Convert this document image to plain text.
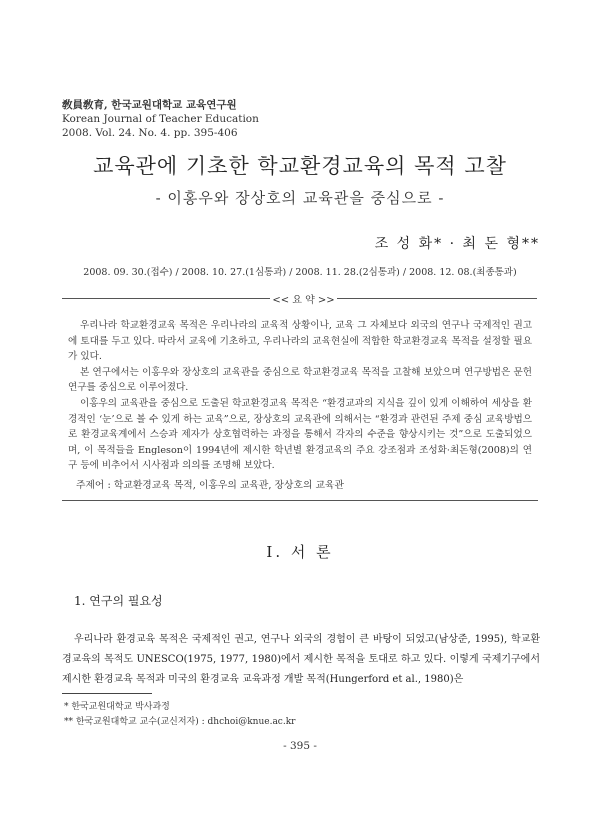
敎員敎育, 한국교원대학교 교육연구원
Korean Journal of Teacher Education
2008. Vol. 24. No. 4. pp. 395-406
교육관에 기초한 학교환경교육의 목적 고찰
- 이홍우와 장상호의 교육관을 중심으로 -
조 성 화* · 최 돈 형**
2008. 09. 30.(접수) / 2008. 10. 27.(1심통과) / 2008. 11. 28.(2심통과) / 2008. 12. 08.(최종통과)
<< 요 약 >>

우리나라 학교환경교육 목적은 우리나라의 교육적 상황이나, 교육 그 자체보다 외국의 연구나 국제적인 권고에 토대를 두고 있다. 따라서 교육에 기초하고, 우리나라의 교육현실에 적합한 학교환경교육 목적을 설정할 필요가 있다.

본 연구에서는 이홍우와 장상호의 교육관을 중심으로 학교환경교육 목적을 고찰해 보았으며 연구방법은 문헌 연구를 중심으로 이루어졌다.

이홍우의 교육관을 중심으로 도출된 학교환경교육 목적은 “환경교과의 지식을 깊이 있게 이해하여 세상을 환경적인 ‘눈’으로 볼 수 있게 하는 교육”으로, 장상호의 교육관에 의해서는 “환경과 관련된 주제 중심 교육방법으로 환경교육계에서 스승과 제자가 상호협력하는 과정을 통해서 각자의 수준을 향상시키는 것”으로 도출되었으며, 이 목적들을 Engleson이 1994년에 제시한 학년별 환경교육의 주요 강조점과 조성화·최돈형(2008)의 연구 등에 비추어서 시사점과 의의를 조명해 보았다.

주제어 : 학교환경교육 목적, 이홍우의 교육관, 장상호의 교육관
Ⅰ. 서 론
1. 연구의 필요성

우리나라 환경교육 목적은 국제적인 권고, 연구나 외국의 경험이 큰 바탕이 되었고(남상준, 1995), 학교환경교육의 목적도 UNESCO(1975, 1977, 1980)에서 제시한 목적을 토대로 하고 있다. 이렇게 국제기구에서 제시한 환경교육 목적과 미국의 환경교육 교육과정 개발 목적(Hungerford et al., 1980)은

* 한국교원대학교 박사과정
** 한국교원대학교 교수(교신저자) : dhchoi@knue.ac.kr
- 395 -
